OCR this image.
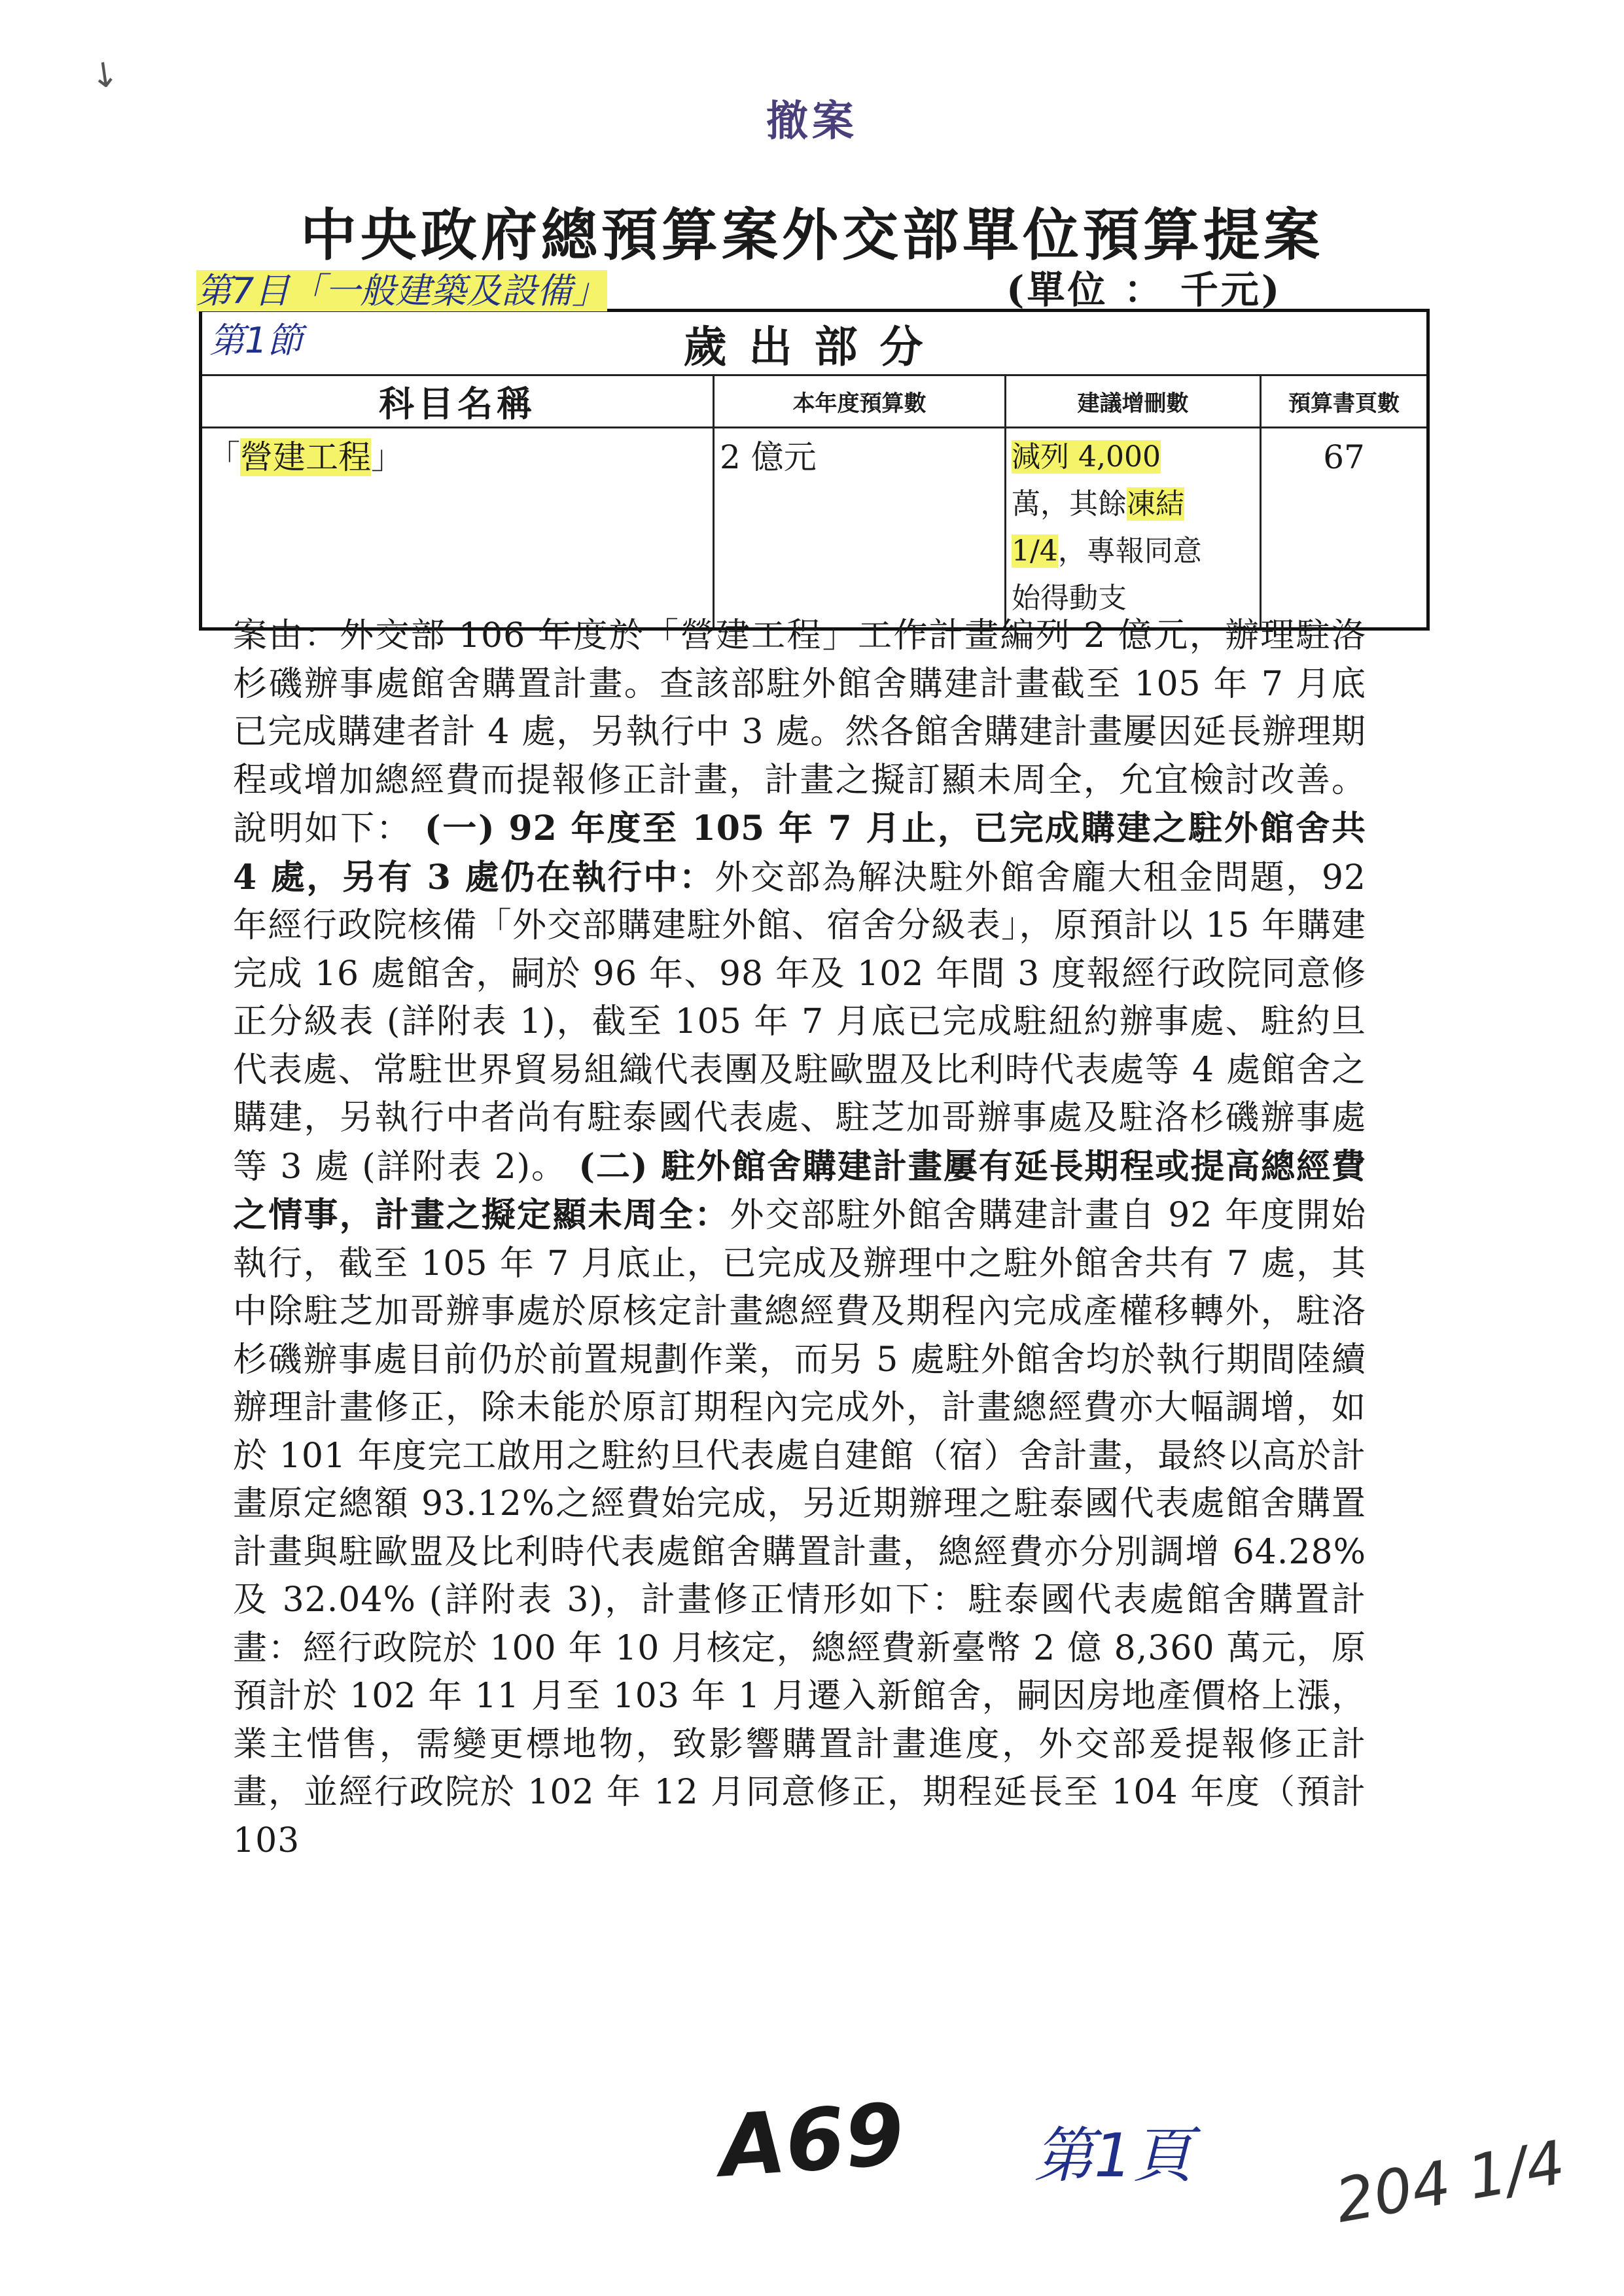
↓
撤案
中央政府總預算案外交部單位預算提案
(單位 ： 千元)
歲出部分			
科目名稱	本年度預算數	建議增刪數	預算書頁數
「營建工程」	2 億元	減列 4,000
萬，其餘凍結
1/4，專報同意
始得動支	67
第7目「一般建築及設備」
第1節
案由：外交部 106 年度於「營建工程」工作計畫編列 2 億元，辦理駐洛杉磯辦事處館舍購置計畫。查該部駐外館舍購建計畫截至 105 年 7 月底已完成購建者計 4 處，另執行中 3 處。然各館舍購建計畫屢因延長辦理期程或增加總經費而提報修正計畫，計畫之擬訂顯未周全，允宜檢討改善。說明如下： (一) 92 年度至 105 年 7 月止，已完成購建之駐外館舍共 4 處，另有 3 處仍在執行中：外交部為解決駐外館舍龐大租金問題，92 年經行政院核備「外交部購建駐外館、宿舍分級表」，原預計以 15 年購建完成 16 處館舍，嗣於 96 年、98 年及 102 年間 3 度報經行政院同意修正分級表 (詳附表 1)，截至 105 年 7 月底已完成駐紐約辦事處、駐約旦代表處、常駐世界貿易組織代表團及駐歐盟及比利時代表處等 4 處館舍之購建，另執行中者尚有駐泰國代表處、駐芝加哥辦事處及駐洛杉磯辦事處等 3 處 (詳附表 2)。 (二) 駐外館舍購建計畫屢有延長期程或提高總經費之情事，計畫之擬定顯未周全：外交部駐外館舍購建計畫自 92 年度開始執行，截至 105 年 7 月底止，已完成及辦理中之駐外館舍共有 7 處，其中除駐芝加哥辦事處於原核定計畫總經費及期程內完成產權移轉外，駐洛杉磯辦事處目前仍於前置規劃作業，而另 5 處駐外館舍均於執行期間陸續辦理計畫修正，除未能於原訂期程內完成外，計畫總經費亦大幅調增，如於 101 年度完工啟用之駐約旦代表處自建館（宿）舍計畫，最終以高於計畫原定總額 93.12%之經費始完成，另近期辦理之駐泰國代表處館舍購置計畫與駐歐盟及比利時代表處館舍購置計畫，總經費亦分別調增 64.28% 及 32.04% (詳附表 3)，計畫修正情形如下：駐泰國代表處館舍購置計畫：經行政院於 100 年 10 月核定，總經費新臺幣 2 億 8,360 萬元，原預計於 102 年 11 月至 103 年 1 月遷入新館舍，嗣因房地產價格上漲，業主惜售，需變更標地物，致影響購置計畫進度，外交部爰提報修正計畫，並經行政院於 102 年 12 月同意修正，期程延長至 104 年度（預計 103
A69 第1頁 204 1/4
